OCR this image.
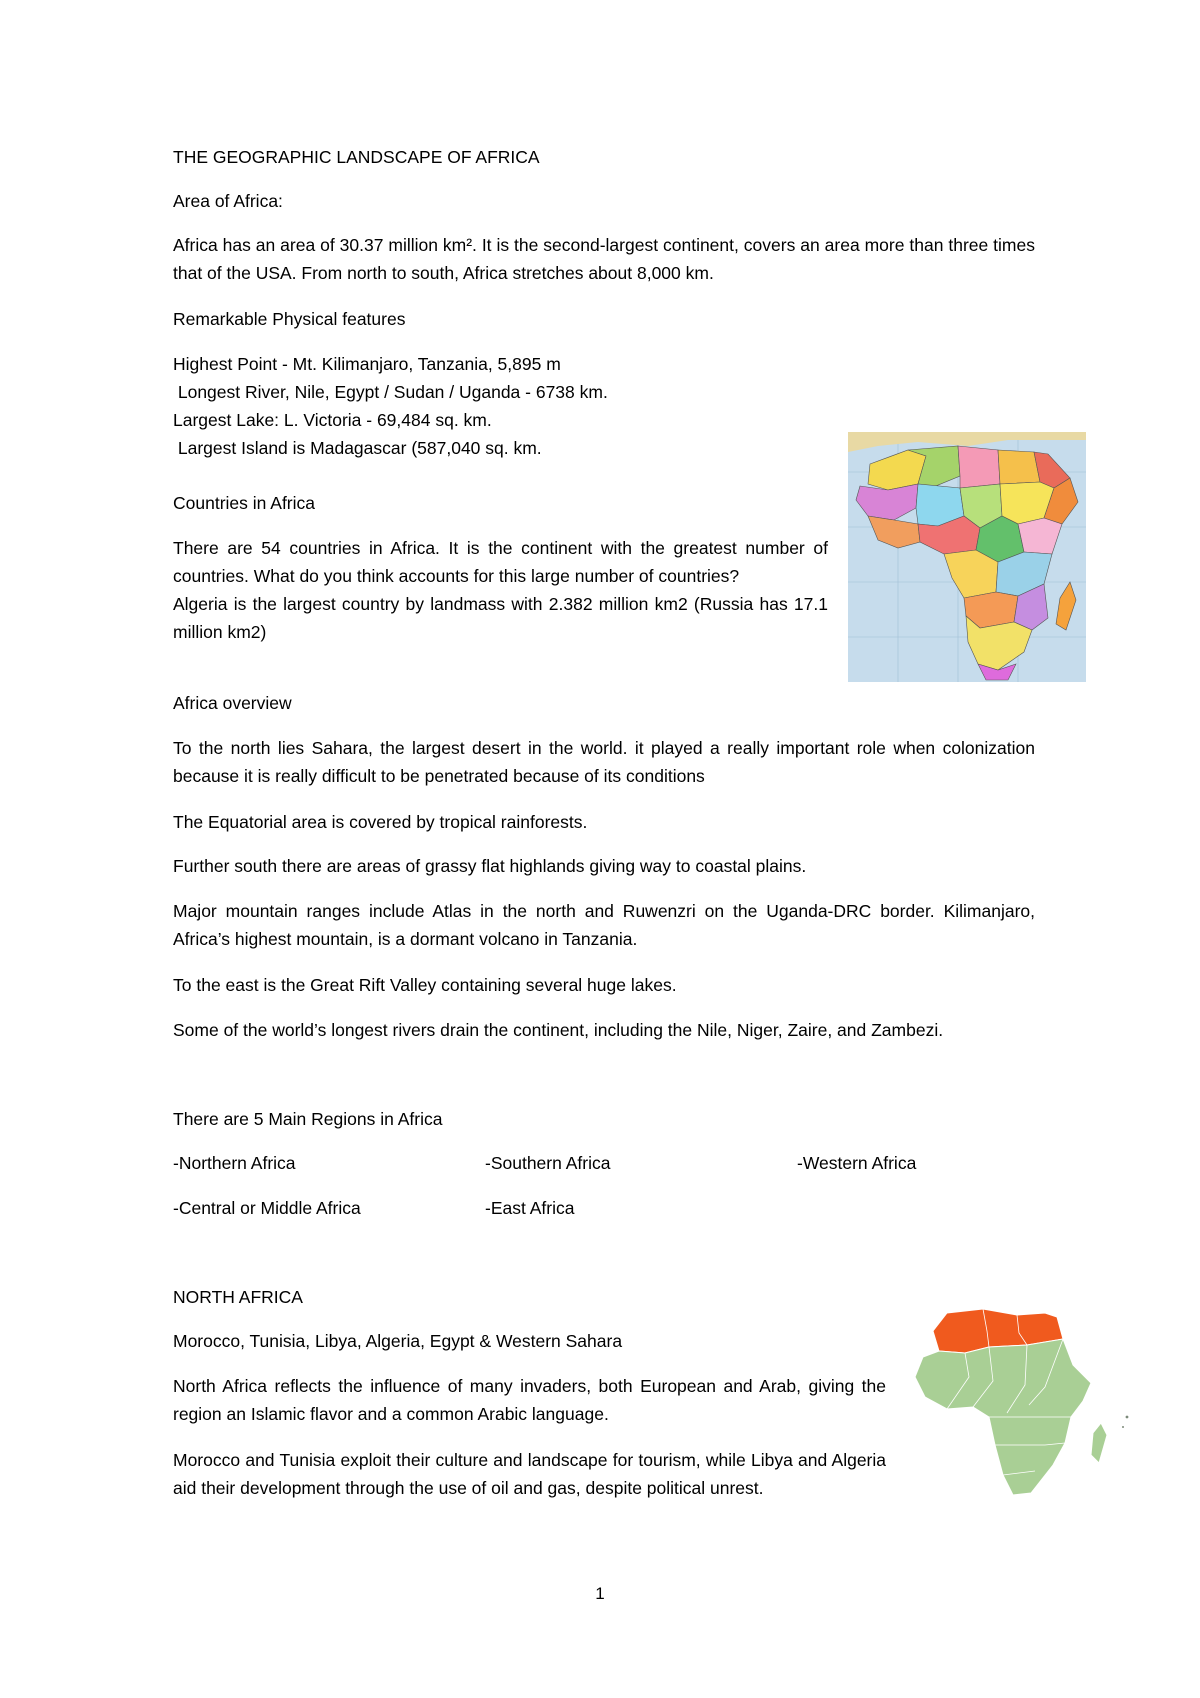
THE GEOGRAPHIC LANDSCAPE OF AFRICA
Area of Africa:
Africa has an area of 30.37 million km². It is the second-largest continent, covers an area more than three times that of the USA. From north to south, Africa stretches about 8,000 km.
Remarkable Physical features
Highest Point - Mt. Kilimanjaro, Tanzania, 5,895 m
Longest River, Nile, Egypt / Sudan / Uganda - 6738 km.
Largest Lake: L. Victoria - 69,484 sq. km.
Largest Island is Madagascar (587,040 sq. km.
Countries in Africa
There are 54 countries in Africa. It is the continent with the greatest number of countries. What do you think accounts for this large number of countries?
Algeria is the largest country by landmass with 2.382 million km2 (Russia has 17.1 million km2)
Africa overview
To the north lies Sahara, the largest desert in the world. it played a really important role when colonization because it is really difficult to be penetrated because of its conditions
The Equatorial area is covered by tropical rainforests.
Further south there are areas of grassy flat highlands giving way to coastal plains.
Major mountain ranges include Atlas in the north and Ruwenzri on the Uganda-DRC border. Kilimanjaro, Africa’s highest mountain, is a dormant volcano in Tanzania.
To the east is the Great Rift Valley containing several huge lakes.
Some of the world’s longest rivers drain the continent, including the Nile, Niger, Zaire, and Zambezi.
There are 5 Main Regions in Africa
-Northern Africa	-Southern Africa	-Western Africa
-Central or Middle Africa	-East Africa
NORTH AFRICA
Morocco, Tunisia, Libya, Algeria, Egypt & Western Sahara
North Africa reflects the influence of many invaders, both European and Arab, giving the region an Islamic flavor and a common Arabic language.
Morocco and Tunisia exploit their culture and landscape for tourism, while Libya and Algeria aid their development through the use of oil and gas, despite political unrest.
1
